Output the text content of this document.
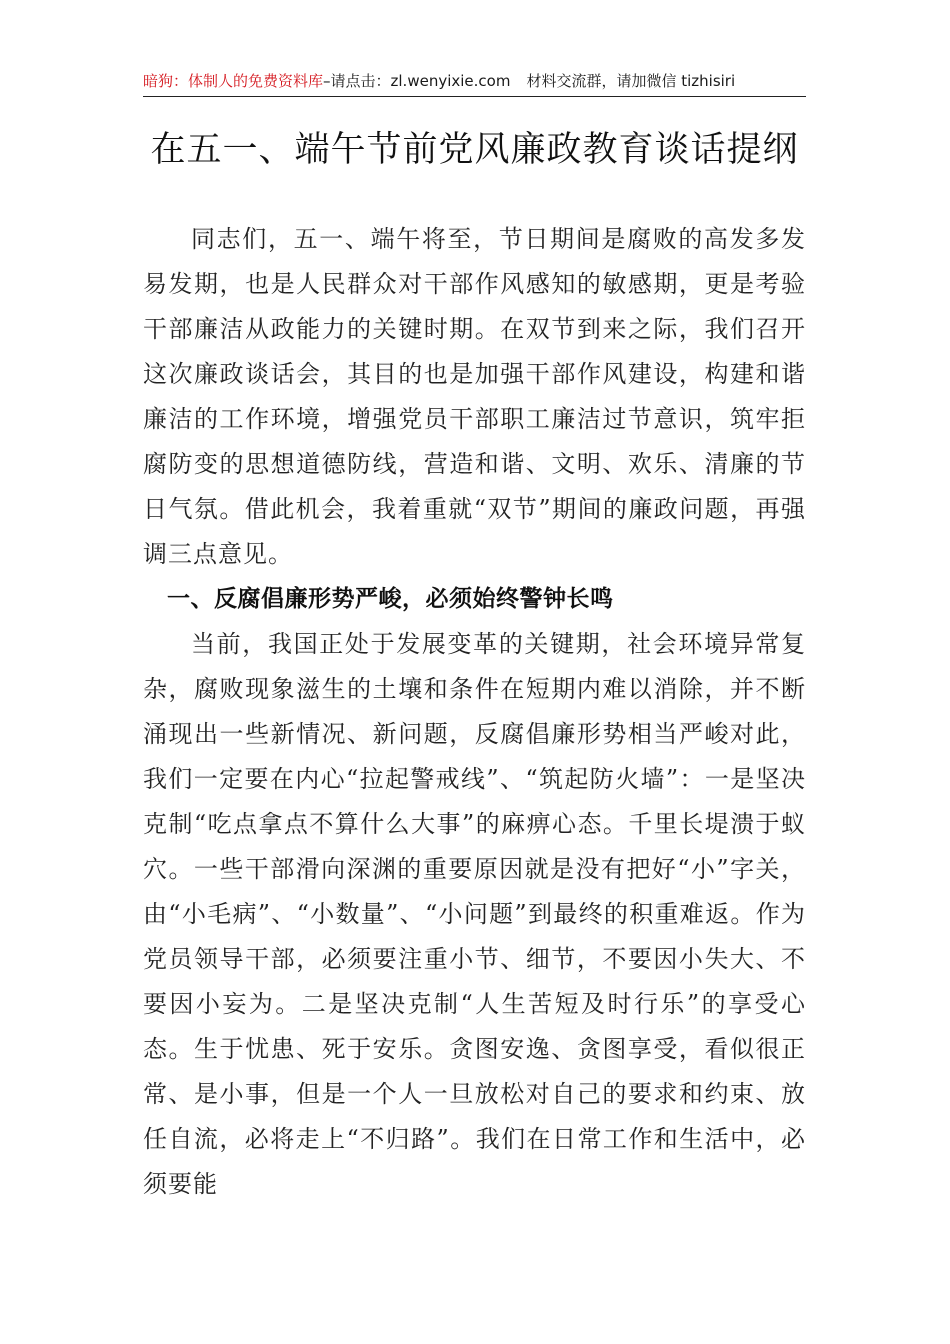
暗狗：体制人的免费资料库 –请点击：zl.wenyixie.com 材料交流群，请加微信 tizhisiri
在五一、端午节前党风廉政教育谈话提纲

同志们，五一、端午将至，节日期间是腐败的高发多发易发期，也是人民群众对干部作风感知的敏感期，更是考验干部廉洁从政能力的关键时期。在双节到来之际，我们召开这次廉政谈话会，其目的也是加强干部作风建设，构建和谐廉洁的工作环境，增强党员干部职工廉洁过节意识，筑牢拒腐防变的思想道德防线，营造和谐、文明、欢乐、清廉的节日气氛。借此机会，我着重就“双节”期间的廉政问题，再强调三点意见。

一、反腐倡廉形势严峻，必须始终警钟长鸣

当前，我国正处于发展变革的关键期，社会环境异常复杂，腐败现象滋生的土壤和条件在短期内难以消除，并不断涌现出一些新情况、新问题，反腐倡廉形势相当严峻对此，我们一定要在内心“拉起警戒线”、“筑起防火墙”：一是坚决克制“吃点拿点不算什么大事”的麻痹心态。千里长堤溃于蚁穴。一些干部滑向深渊的重要原因就是没有把好“小”字关，由“小毛病”、“小数量”、“小问题”到最终的积重难返。作为党员领导干部，必须要注重小节、细节，不要因小失大、不要因小妄为。二是坚决克制“人生苦短及时行乐”的享受心态。生于忧患、死于安乐。贪图安逸、贪图享受，看似很正常、是小事，但是一个人一旦放松对自己的要求和约束、放任自流，必将走上“不归路”。我们在日常工作和生活中，必须要能
